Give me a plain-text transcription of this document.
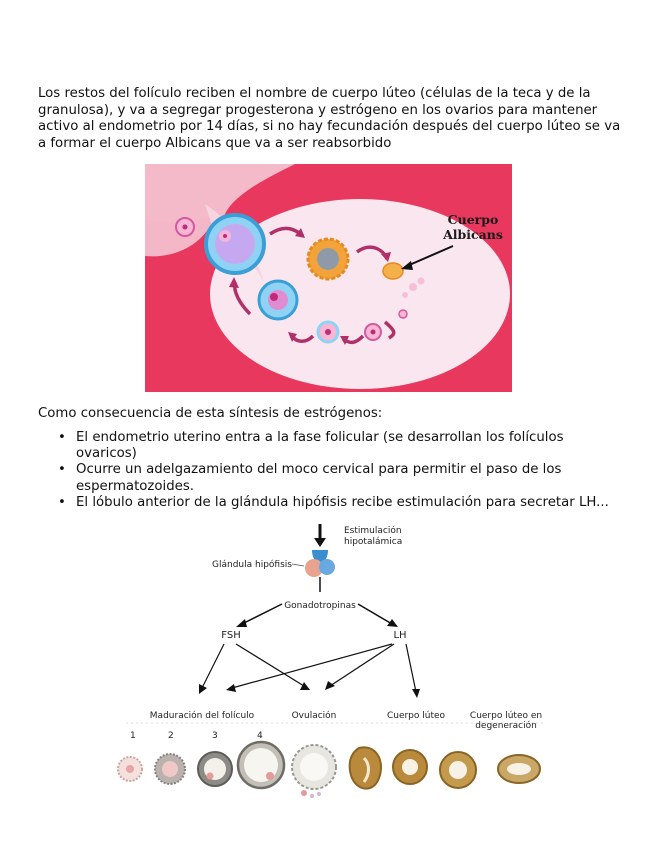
Los restos del folículo reciben el nombre de cuerpo lúteo (células de la teca y de la granulosa), y va a segregar progesterona y estrógeno en los ovarios para mantener activo al endometrio por 14 días, si no hay fecundación después del cuerpo lúteo se va a formar el cuerpo Albicans que va a ser reabsorbido

Cuerpo
Albicans

Como consecuencia de esta síntesis de estrógenos:

• El endometrio uterino entra a la fase folicular (se desarrollan los folículos ovaricos)
• Ocurre un adelgazamiento del moco cervical para permitir el paso de los espermatozoides.
• El lóbulo anterior de la glándula hipófisis recibe estimulación para secretar LH...
Estimulación
hipotalámica
Glándula hipófisis
Gonadotropinas
FSH	LH
Maduración del folículo	Ovulación	Cuerpo lúteo	Cuerpo lúteo en
degeneración
1	2	3	4
